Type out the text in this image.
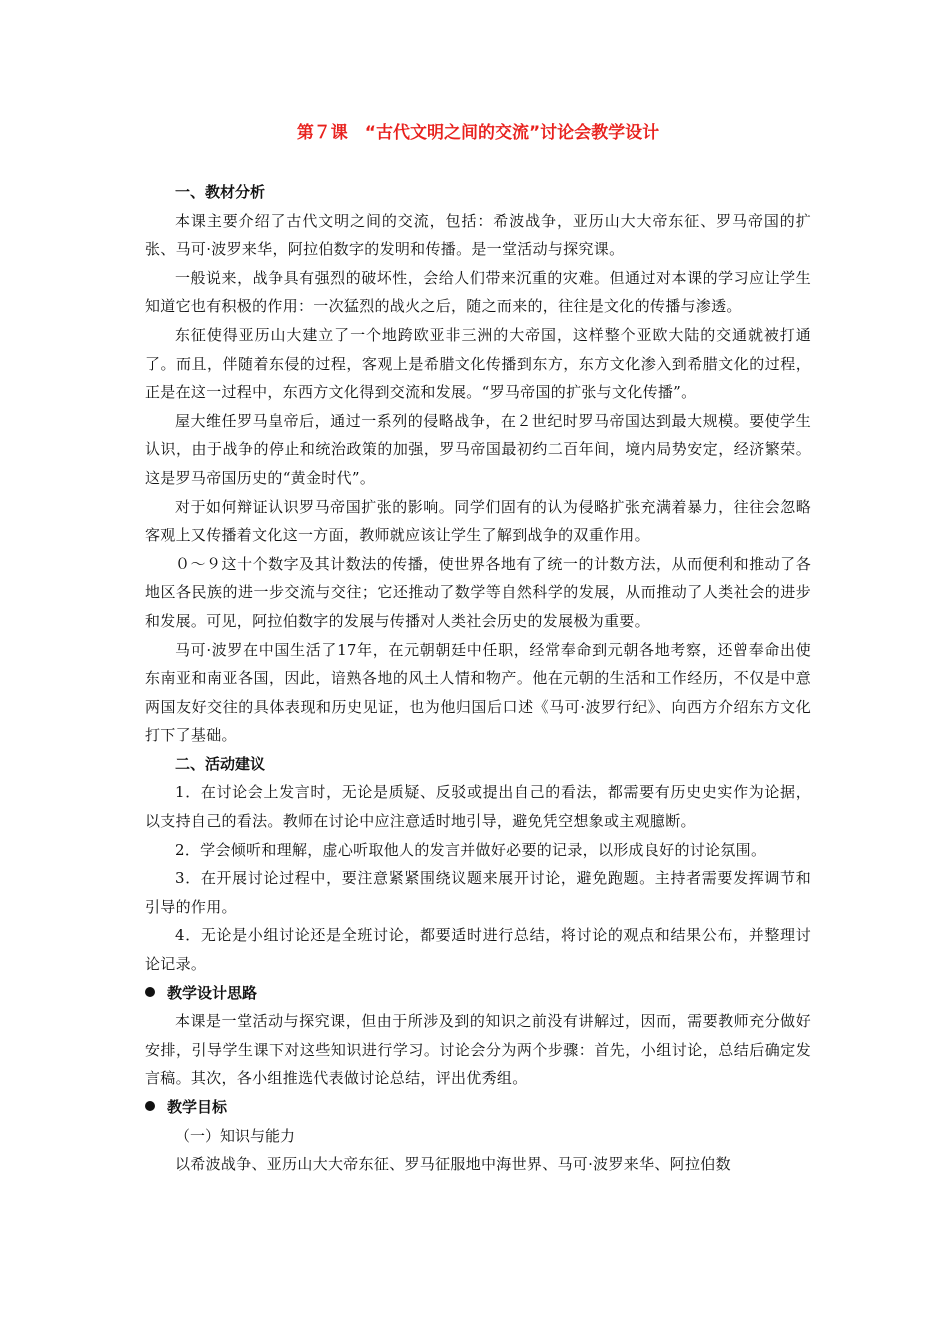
第７课　“古代文明之间的交流”讨论会教学设计
一、教材分析

本课主要介绍了古代文明之间的交流，包括：希波战争，亚历山大大帝东征、罗马帝国的扩张、马可·波罗来华，阿拉伯数字的发明和传播。是一堂活动与探究课。

一般说来，战争具有强烈的破坏性，会给人们带来沉重的灾难。但通过对本课的学习应让学生知道它也有积极的作用：一次猛烈的战火之后，随之而来的，往往是文化的传播与渗透。

东征使得亚历山大建立了一个地跨欧亚非三洲的大帝国，这样整个亚欧大陆的交通就被打通了。而且，伴随着东侵的过程，客观上是希腊文化传播到东方，东方文化渗入到希腊文化的过程，正是在这一过程中，东西方文化得到交流和发展。“罗马帝国的扩张与文化传播”。

屋大维任罗马皇帝后，通过一系列的侵略战争，在２世纪时罗马帝国达到最大规模。要使学生认识，由于战争的停止和统治政策的加强，罗马帝国最初约二百年间，境内局势安定，经济繁荣。这是罗马帝国历史的“黄金时代”。

对于如何辩证认识罗马帝国扩张的影响。同学们固有的认为侵略扩张充满着暴力，往往会忽略客观上又传播着文化这一方面，教师就应该让学生了解到战争的双重作用。

０～９这十个数字及其计数法的传播，使世界各地有了统一的计数方法，从而便利和推动了各地区各民族的进一步交流与交往；它还推动了数学等自然科学的发展，从而推动了人类社会的进步和发展。可见，阿拉伯数字的发展与传播对人类社会历史的发展极为重要。

马可·波罗在中国生活了17年，在元朝朝廷中任职，经常奉命到元朝各地考察，还曾奉命出使东南亚和南亚各国，因此，谙熟各地的风土人情和物产。他在元朝的生活和工作经历，不仅是中意两国友好交往的具体表现和历史见证，也为他归国后口述《马可·波罗行纪》、向西方介绍东方文化打下了基础。

二、活动建议

1．在讨论会上发言时，无论是质疑、反驳或提出自己的看法，都需要有历史史实作为论据，以支持自己的看法。教师在讨论中应注意适时地引导，避免凭空想象或主观臆断。

2．学会倾听和理解，虚心听取他人的发言并做好必要的记录，以形成良好的讨论氛围。

3．在开展讨论过程中，要注意紧紧围绕议题来展开讨论，避免跑题。主持者需要发挥调节和引导的作用。

4．无论是小组讨论还是全班讨论，都要适时进行总结，将讨论的观点和结果公布，并整理讨论记录。

教学设计思路

本课是一堂活动与探究课，但由于所涉及到的知识之前没有讲解过，因而，需要教师充分做好安排，引导学生课下对这些知识进行学习。讨论会分为两个步骤：首先，小组讨论，总结后确定发言稿。其次，各小组推选代表做讨论总结，评出优秀组。

教学目标

（一）知识与能力

以希波战争、亚历山大大帝东征、罗马征服地中海世界、马可·波罗来华、阿拉伯数
